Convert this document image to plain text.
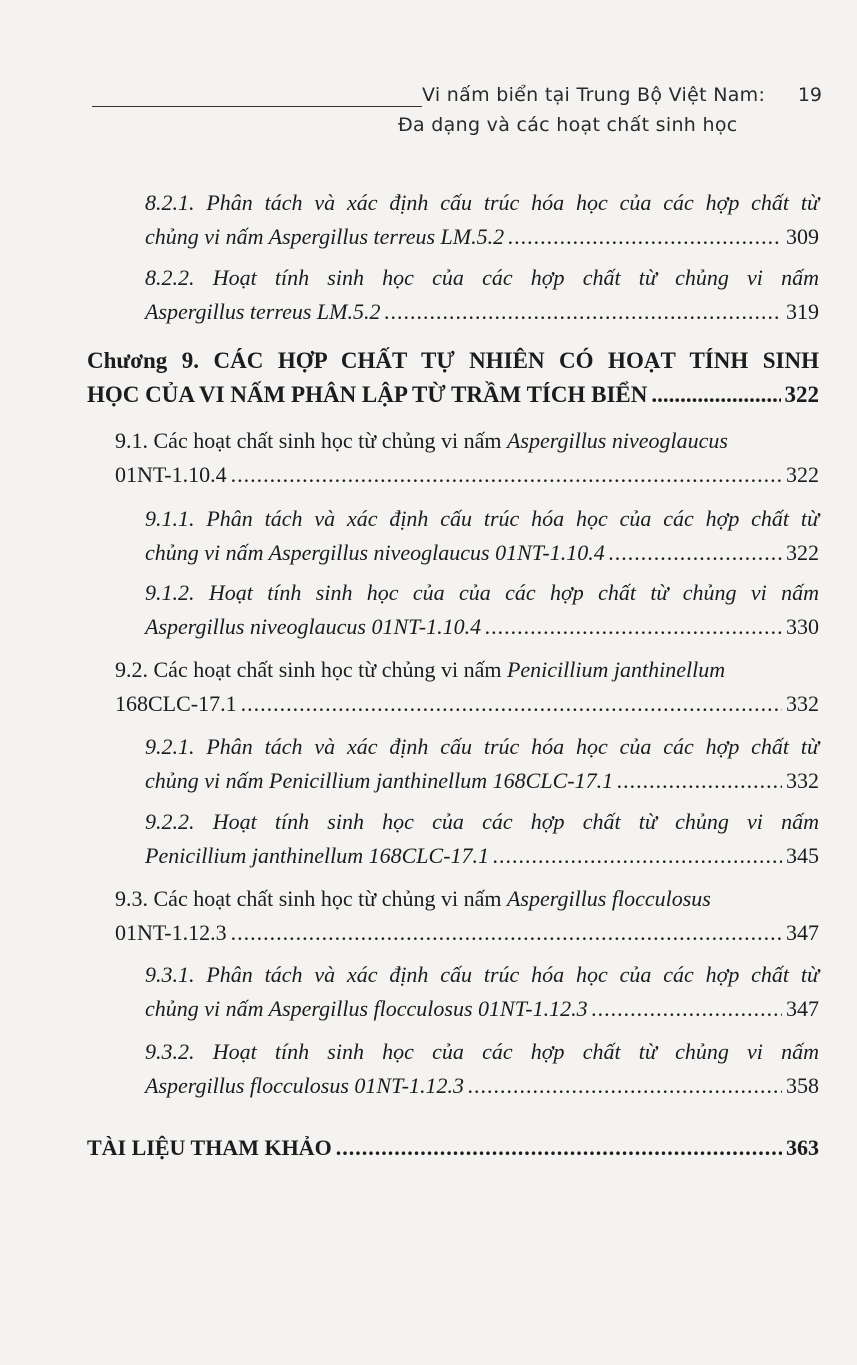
Vi nấm biển tại Trung Bộ Việt Nam: 19
Đa dạng và các hoạt chất sinh học
8.2.1. Phân tách và xác định cấu trúc hóa học của các hợp chất từ
chủng vi nấm Aspergillus terreus LM.5.2 .....	309
8.2.2. Hoạt tính sinh học của các hợp chất từ chủng vi nấm
Aspergillus terreus LM.5.2 .....	319
Chương 9. CÁC HỢP CHẤT TỰ NHIÊN CÓ HOẠT TÍNH SINH
HỌC CỦA VI NẤM PHÂN LẬP TỪ TRẦM TÍCH BIỂN .....	322
9.1. Các hoạt chất sinh học từ chủng vi nấm Aspergillus niveoglaucus
01NT-1.10.4 .....	322
9.1.1. Phân tách và xác định cấu trúc hóa học của các hợp chất từ
chủng vi nấm Aspergillus niveoglaucus 01NT-1.10.4 .....	322
9.1.2. Hoạt tính sinh học của của các hợp chất từ chủng vi nấm
Aspergillus niveoglaucus 01NT-1.10.4 .....	330
9.2. Các hoạt chất sinh học từ chủng vi nấm Penicillium janthinellum
168CLC-17.1 .....	332
9.2.1. Phân tách và xác định cấu trúc hóa học của các hợp chất từ
chủng vi nấm Penicillium janthinellum 168CLC-17.1 .....	332
9.2.2. Hoạt tính sinh học của các hợp chất từ chủng vi nấm
Penicillium janthinellum 168CLC-17.1 .....	345
9.3. Các hoạt chất sinh học từ chủng vi nấm Aspergillus flocculosus
01NT-1.12.3 .....	347
9.3.1. Phân tách và xác định cấu trúc hóa học của các hợp chất từ
chủng vi nấm Aspergillus flocculosus 01NT-1.12.3 .....	347
9.3.2. Hoạt tính sinh học của các hợp chất từ chủng vi nấm
Aspergillus flocculosus 01NT-1.12.3 .....	358
TÀI LIỆU THAM KHẢO .....	363
